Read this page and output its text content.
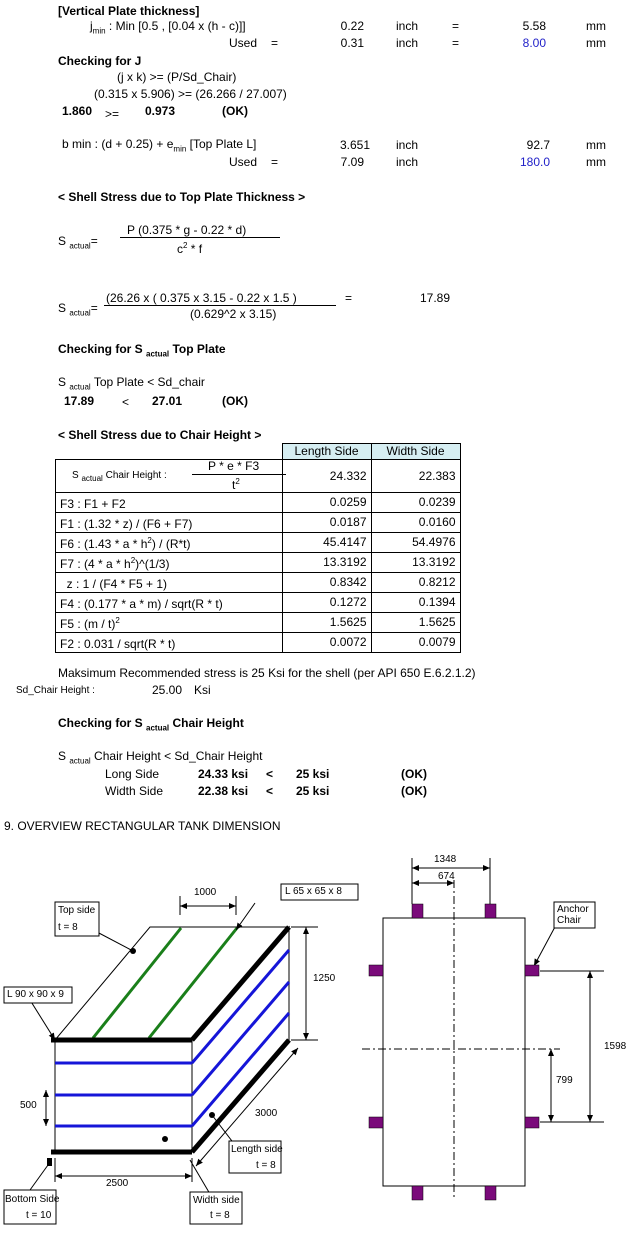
[Vertical Plate thickness]
$j_{min}$ : Min [0.5 , [0.04 x (h - c)]]	0.22	inch	=	5.58	mm
Used =	0.31	inch	=	8.00	mm
Checking for J
(j x k) >= (P/Sd_Chair)
(0.315 x 5.906) >= (26.266 / 27.007)
1.860 >= 0.973	(OK)
b min : $(d + 0.25) + e_{min}$ [Top Plate L]	3.651 inch	92.7	mm
Used =	7.09	inch	180.0	mm
< Shell Stress due to Top Plate Thickness >
S $_{actual}$=
P (0.375 * g - 0.22 * d)
$c^2$ * f
S $_{actual}$=
(26.26 x ( 0.375 x 3.15 - 0.22 x 1.5 )
(0.629^2 x 3.15)
=	17.89
Checking for S $_{actual}$ Top Plate
S $_{actual}$ Top Plate < Sd_chair
17.89 < 27.01	(OK)
< Shell Stress due to Chair Height >
	Length Side	Width Side

S $_{actual}$ Chair Height :
P * e * F3
$t^2$	24.332	22.383
F3 : F1 + F2	0.0259	0.0239
F1 : (1.32 * z) / (F6 + F7)	0.0187	0.0160
F6 : (1.43 * a * $h^2) / (R*t)$	45.4147	54.4976
F7 : (4 * a * $h^2)\^{}(1/3)$	13.3192	13.3192
z : 1 / (F4 * F5 + 1)	0.8342	0.8212
F4 : (0.177 * a * m) / sqrt(R * t)	0.1272	0.1394
F5 : (m / t)$^2$	1.5625	1.5625
F2 : 0.031 / sqrt(R * t)	0.0072	0.0079
Maksimum Recommended stress is 25 Ksi for the shell (per API 650 E.6.2.1.2)
Sd_Chair Height :	25.00 Ksi
Checking for S $_{actual}$ Chair Height
S $_{actual}$ Chair Height < Sd_Chair Height
Long Side	24.33 ksi < 25 ksi	(OK)
Width Side	22.38 ksi < 25 ksi	(OK)
9. OVERVIEW RECTANGULAR TANK DIMENSION
1000	L 65 x 65 x 8
Top side
t = 8
L 90 x 90 x 9
1250
500
3000
Length side
t = 8
2500
Bottom Side
t = 10
Width side
t = 8
1348
674
Anchor
Chair
1598
799
